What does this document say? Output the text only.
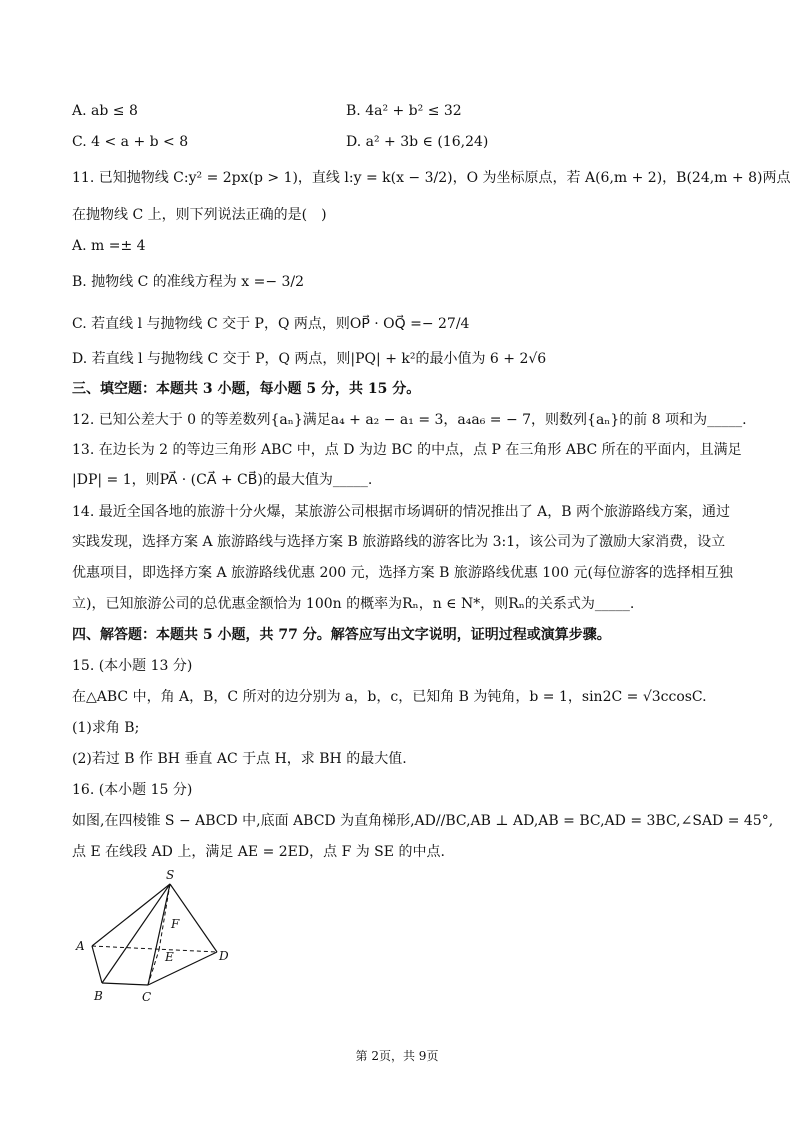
A. ab ≤ 8	B. 4a² + b² ≤ 32
C. 4 < a + b < 8	D. a² + 3b ∈ (16,24)
11. 已知抛物线 C:y² = 2px(p > 1)，直线 l:y = k(x − 3/2)，O 为坐标原点，若 A(6,m + 2)，B(24,m + 8)两点
在抛物线 C 上，则下列说法正确的是(　)
A. m =± 4
B. 抛物线 C 的准线方程为 x =− 3/2
C. 若直线 l 与抛物线 C 交于 P，Q 两点，则OP⃗ · OQ⃗ =− 27/4
D. 若直线 l 与抛物线 C 交于 P，Q 两点，则|PQ| + k²的最小值为 6 + 2√6
三、填空题：本题共 3 小题，每小题 5 分，共 15 分。
12. 已知公差大于 0 的等差数列{aₙ}满足a₄ + a₂ − a₁ = 3，a₄a₆ = − 7，则数列{aₙ}的前 8 项和为_____.
13. 在边长为 2 的等边三角形 ABC 中，点 D 为边 BC 的中点，点 P 在三角形 ABC 所在的平面内，且满足
|DP| = 1，则PA⃗ · (CA⃗ + CB⃗)的最大值为_____.
14. 最近全国各地的旅游十分火爆，某旅游公司根据市场调研的情况推出了 A，B 两个旅游路线方案，通过
实践发现，选择方案 A 旅游路线与选择方案 B 旅游路线的游客比为 3:1，该公司为了激励大家消费，设立
优惠项目，即选择方案 A 旅游路线优惠 200 元，选择方案 B 旅游路线优惠 100 元(每位游客的选择相互独
立)，已知旅游公司的总优惠金额恰为 100n 的概率为Rₙ，n ∈ N*，则Rₙ的关系式为_____.
四、解答题：本题共 5 小题，共 77 分。解答应写出文字说明，证明过程或演算步骤。
15. (本小题 13 分)
在△ABC 中，角 A，B，C 所对的边分别为 a，b，c，已知角 B 为钝角，b = 1，sin2C = √3ccosC.
(1)求角 B;
(2)若过 B 作 BH 垂直 AC 于点 H，求 BH 的最大值.
16. (本小题 15 分)
如图,在四棱锥 S − ABCD 中,底面 ABCD 为直角梯形,AD//BC,AB ⊥ AD,AB = BC,AD = 3BC,∠SAD = 45°,
点 E 在线段 AD 上，满足 AE = 2ED，点 F 为 SE 的中点.
S
A
B	C
D
E
F
第 2页，共 9页
